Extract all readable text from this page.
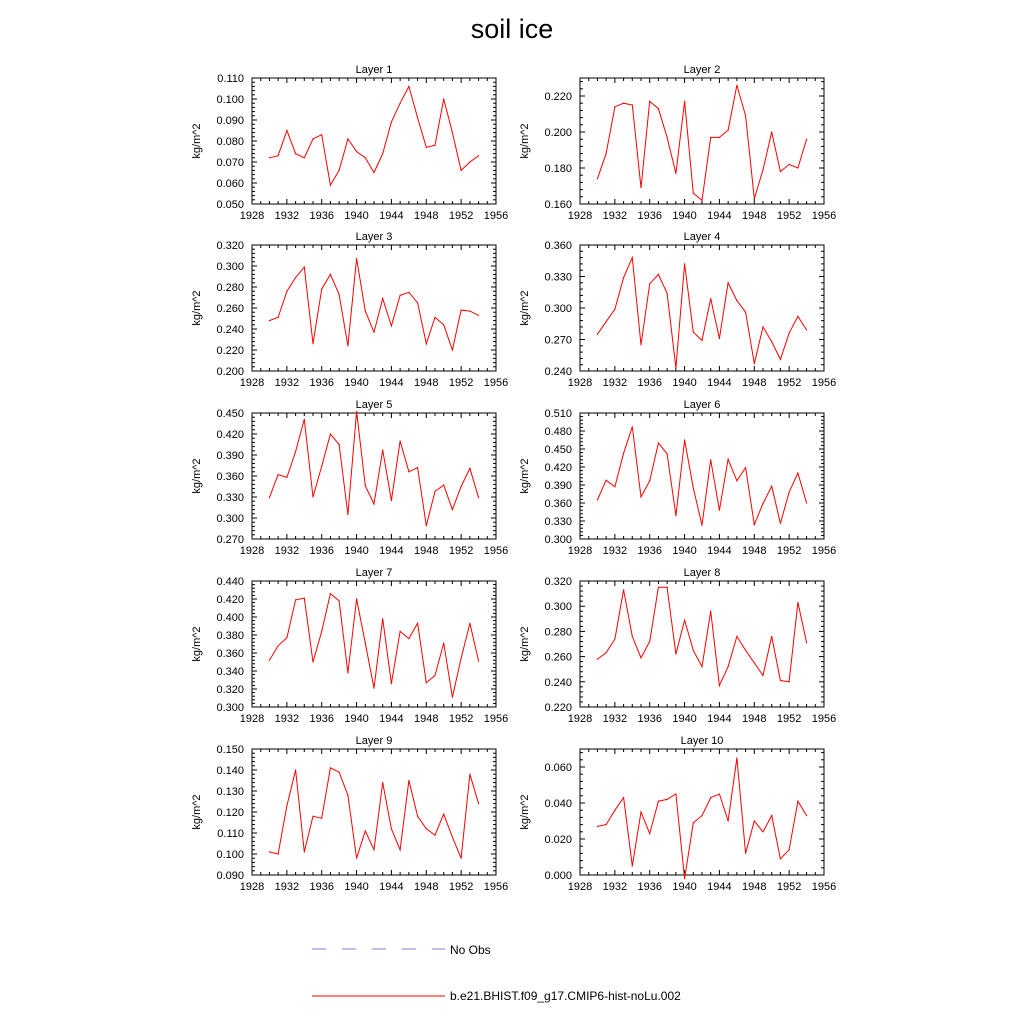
soil ice
Layer 1
kg/m^2
1928 1932 1936 1940 1944 1948 1952 1956
0.050
0.060
0.070
0.080
0.090
0.100
0.110
Layer 2
kg/m^2
1928 1932 1936 1940 1944 1948 1952 1956
0.160
0.180
0.200
0.220
Layer 3
kg/m^2
1928 1932 1936 1940 1944 1948 1952 1956
0.200
0.220
0.240
0.260
0.280
0.300
0.320
Layer 4
kg/m^2
1928 1932 1936 1940 1944 1948 1952 1956
0.240
0.270
0.300
0.330
0.360
Layer 5
kg/m^2
1928 1932 1936 1940 1944 1948 1952 1956
0.270
0.300
0.330
0.360
0.390
0.420
0.450
Layer 6
kg/m^2
1928 1932 1936 1940 1944 1948 1952 1956
0.300
0.330
0.360
0.390
0.420
0.450
0.480
0.510
Layer 7
kg/m^2
1928 1932 1936 1940 1944 1948 1952 1956
0.300
0.320
0.340
0.360
0.380
0.400
0.420
0.440
Layer 8
kg/m^2
1928 1932 1936 1940 1944 1948 1952 1956
0.220
0.240
0.260
0.280
0.300
0.320
Layer 9
kg/m^2
1928 1932 1936 1940 1944 1948 1952 1956
0.090
0.100
0.110
0.120
0.130
0.140
0.150
Layer 10
kg/m^2
1928 1932 1936 1940 1944 1948 1952 1956
0.000
0.020
0.040
0.060
No Obs
b.e21.BHIST.f09_g17.CMIP6-hist-noLu.002
